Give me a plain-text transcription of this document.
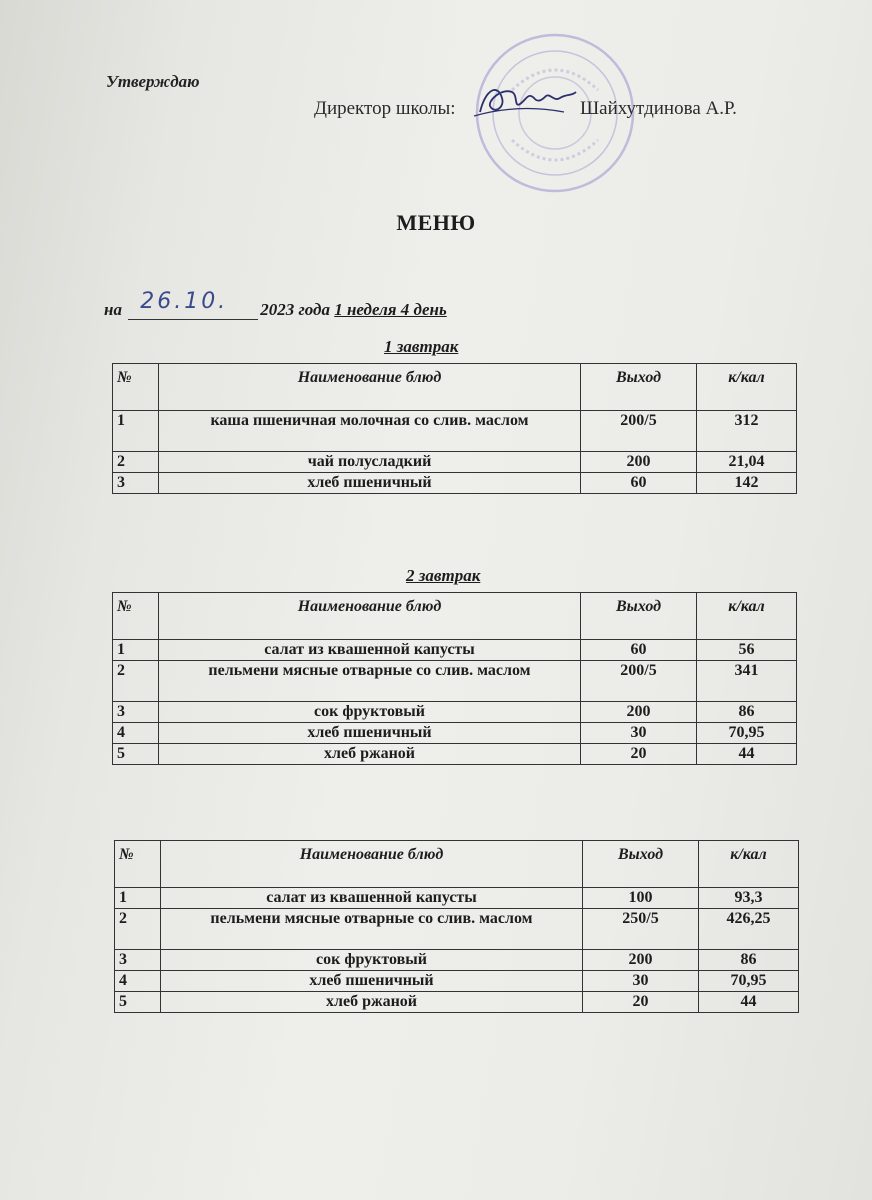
Утверждаю
Директор школы:	Шайхутдинова А.Р.
МЕНЮ
на 26.10. 2023 года 1 неделя 4 день
1 завтрак
№	Наименование блюд	Выход	к/кал
1	каша пшеничная молочная со слив. маслом	200/5	312
2	чай полусладкий	200	21,04
3	хлеб пшеничный	60	142
2 завтрак
№	Наименование блюд	Выход	к/кал
1	салат из квашенной капусты	60	56
2	пельмени мясные отварные со слив. маслом	200/5	341
3	сок фруктовый	200	86
4	хлеб пшеничный	30	70,95
5	хлеб ржаной	20	44
№	Наименование блюд	Выход	к/кал
1	салат из квашенной капусты	100	93,3
2	пельмени мясные отварные со слив. маслом	250/5	426,25
3	сок фруктовый	200	86
4	хлеб пшеничный	30	70,95
5	хлеб ржаной	20	44
